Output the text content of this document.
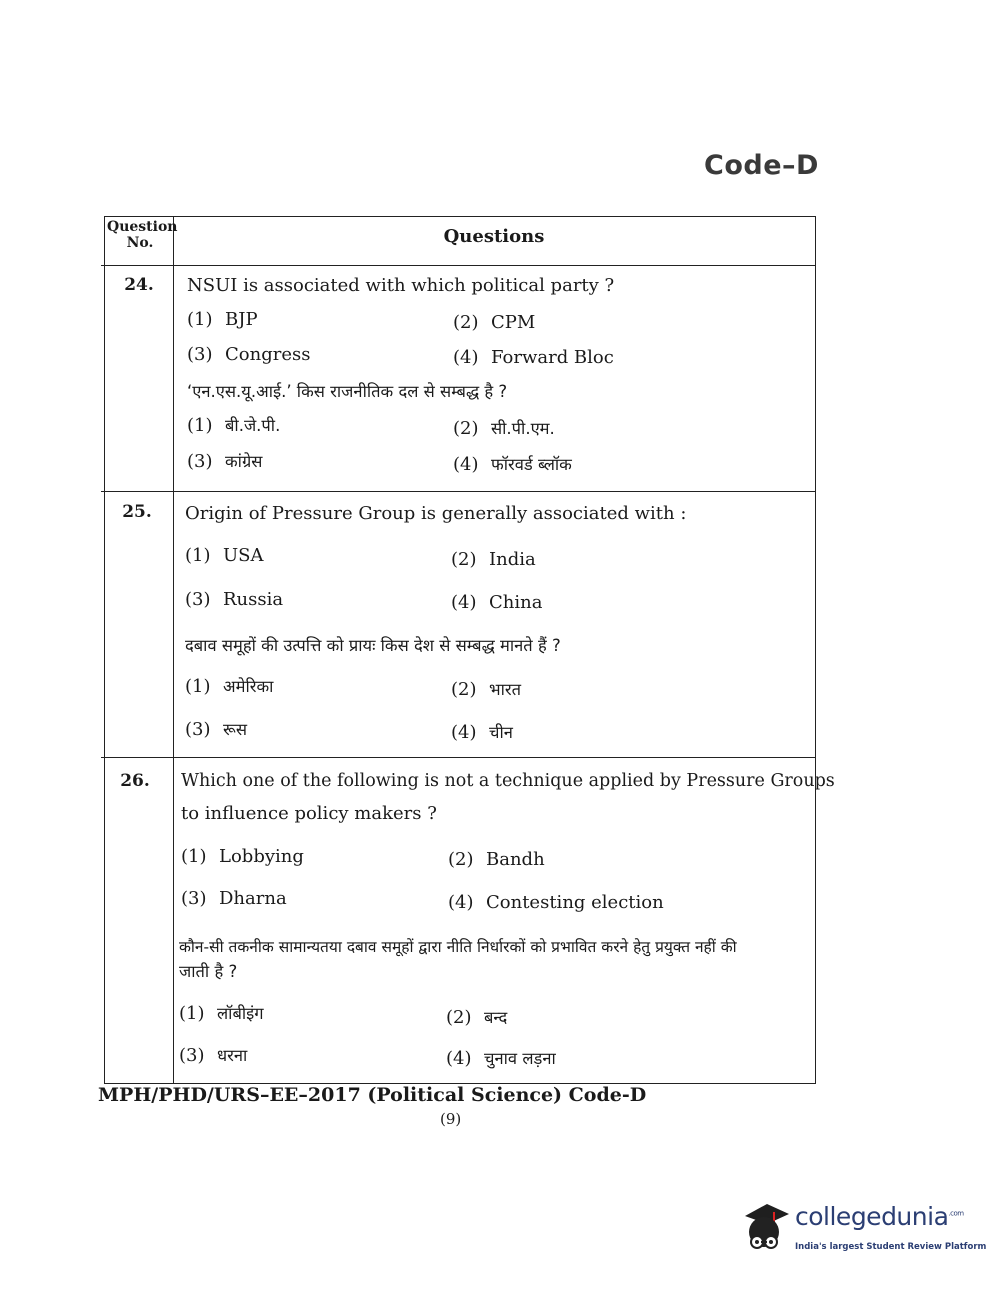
Code–D
Question No.	Questions
24.	NSUI is associated with which political party ?
(1) BJP	(2) CPM
(3) Congress	(4) Forward Bloc
‘एन.एस.यू.आई.’ किस राजनीतिक दल से सम्बद्ध है ?
(1) बी.जे.पी.	(2) सी.पी.एम.
(3) कांग्रेस	(4) फॉरवर्ड ब्लॉक
25.	Origin of Pressure Group is generally associated with :
(1) USA	(2) India
(3) Russia	(4) China
दबाव समूहों की उत्पत्ति को प्रायः किस देश से सम्बद्ध मानते हैं ?
(1) अमेरिका	(2) भारत
(3) रूस	(4) चीन
26.	Which one of the following is not a technique applied by Pressure Groups
to influence policy makers ?
(1) Lobbying	(2) Bandh
(3) Dharna	(4) Contesting election
कौन-सी तकनीक सामान्यतया दबाव समूहों द्वारा नीति निर्धारकों को प्रभावित करने हेतु प्रयुक्त नहीं की
जाती है ?
(1) लॉबीइंग	(2) बन्द
(3) धरना	(4) चुनाव लड़ना
MPH/PHD/URS–EE–2017 (Political Science) Code-D
(9)
collegedunia$^{.com}$
India's largest Student Review Platform
